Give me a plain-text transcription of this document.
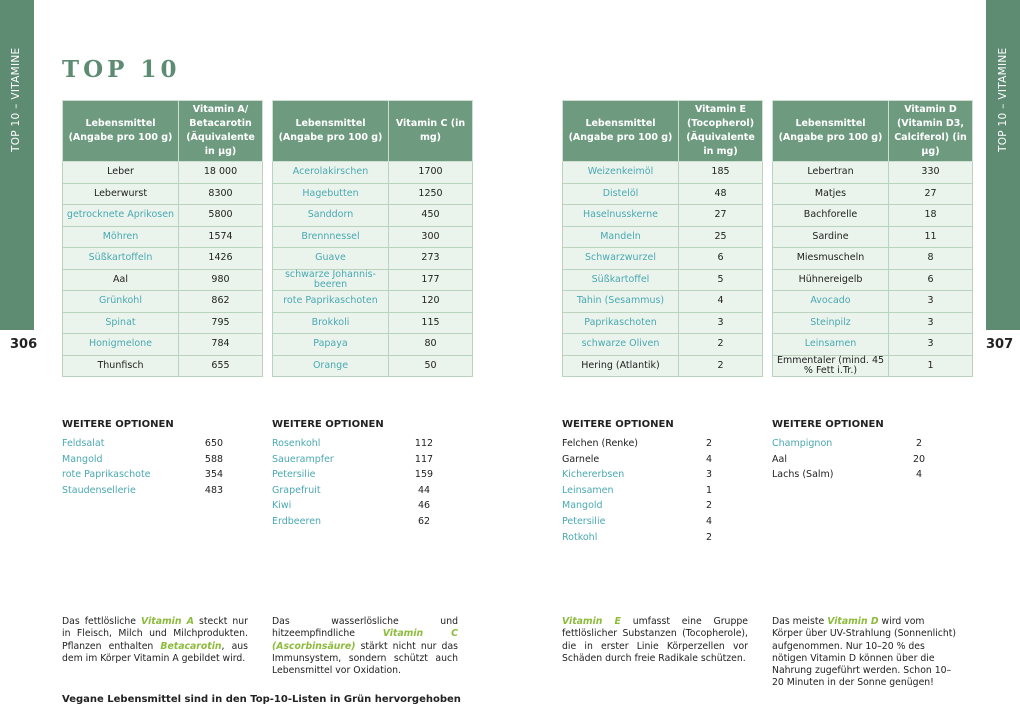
TOP 10 – VITAMINE	TOP 10 – VITAMINE
306	307
TOP 10
Lebensmittel (Angabe pro 100 g)	Vitamin A/ Betacarotin (Äquivalente in µg)
Leber	18 000
Leberwurst	8300
getrocknete Aprikosen	5800
Möhren	1574
Süßkartoffeln	1426
Aal	980
Grünkohl	862
Spinat	795
Honigmelone	784
Thunfisch	655
Lebensmittel (Angabe pro 100 g)	Vitamin C (in mg)
Acerolakirschen	1700
Hagebutten	1250
Sanddorn	450
Brennnessel	300
Guave	273
schwarze Johannis- beeren	177
rote Paprikaschoten	120
Brokkoli	115
Papaya	80
Orange	50
Lebensmittel (Angabe pro 100 g)	Vitamin E (Tocopherol) (Äquivalente in mg)
Weizenkeimöl	185
Distelöl	48
Haselnusskerne	27
Mandeln	25
Schwarzwurzel	6
Süßkartoffel	5
Tahin (Sesammus)	4
Paprikaschoten	3
schwarze Oliven	2
Hering (Atlantik)	2
Lebensmittel (Angabe pro 100 g)	Vitamin D (Vitamin D3, Calciferol) (in µg)
Lebertran	330
Matjes	27
Bachforelle	18
Sardine	11
Miesmuscheln	8
Hühnereigelb	6
Avocado	3
Steinpilz	3
Leinsamen	3
Emmentaler (mind. 45 % Fett i.Tr.)	1
WEITERE OPTIONEN	WEITERE OPTIONEN	WEITERE OPTIONEN	WEITERE OPTIONEN
Feldsalat	650
Mangold	588
rote Paprikaschote	354
Staudensellerie	483
Rosenkohl	112
Sauerampfer	117
Petersilie	159
Grapefruit	44
Kiwi	46
Erdbeeren	62
Felchen (Renke)	2
Garnele	4
Kichererbsen	3
Leinsamen	1
Mangold	2
Petersilie	4
Rotkohl	2
Champignon	2
Aal	20
Lachs (Salm)	4
Das fettlösliche Vitamin A steckt nur in Fleisch, Milch und Milchprodukten. Pflanzen enthalten Betacarotin, aus dem im Körper Vitamin A gebildet wird.
Das wasserlösliche und hitzeempfindliche Vitamin C (Ascorbinsäure) stärkt nicht nur das Immunsystem, sondern schützt auch Lebensmittel vor Oxidation.
Vitamin E umfasst eine Gruppe fettlöslicher Substanzen (Tocopherole), die in erster Linie Körperzellen vor Schäden durch freie Radikale schützen.
Das meiste Vitamin D wird vom Körper über UV-Strahlung (Sonnenlicht) aufgenommen. Nur 10–20 % des nötigen Vitamin D können über die Nahrung zugeführt werden. Schon 10–20 Minuten in der Sonne genügen!
Vegane Lebensmittel sind in den Top-10-Listen in Grün hervorgehoben
